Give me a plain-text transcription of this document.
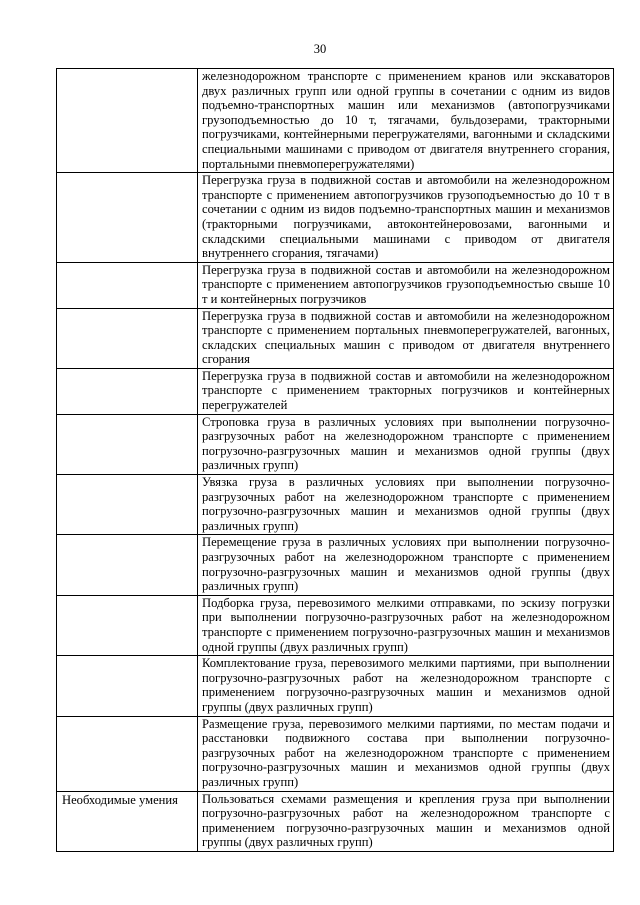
30
	железнодорожном транспорте с применением кранов или экскаваторов двух различных групп или одной группы в сочетании с одним из видов подъемно-транспортных машин или механизмов (автопогрузчиками грузоподъемностью до 10 т, тягачами, бульдозерами, тракторными погрузчиками, контейнерными перегружателями, вагонными и складскими специальными машинами с приводом от двигателя внутреннего сгорания, портальными пневмоперегружателями)
	Перегрузка груза в подвижной состав и автомобили на железнодорожном транспорте с применением автопогрузчиков грузоподъемностью до 10 т в сочетании с одним из видов подъемно-транспортных машин и механизмов (тракторными погрузчиками, автоконтейнеровозами, вагонными и складскими специальными машинами с приводом от двигателя внутреннего сгорания, тягачами)
	Перегрузка груза в подвижной состав и автомобили на железнодорожном транспорте с применением автопогрузчиков грузоподъемностью свыше 10 т и контейнерных погрузчиков
	Перегрузка груза в подвижной состав и автомобили на железнодорожном транспорте с применением портальных пневмоперегружателей, вагонных, складских специальных машин с приводом от двигателя внутреннего сгорания
	Перегрузка груза в подвижной состав и автомобили на железнодорожном транспорте с применением тракторных погрузчиков и контейнерных перегружателей
	Строповка груза в различных условиях при выполнении погрузочно-разгрузочных работ на железнодорожном транспорте с применением погрузочно-разгрузочных машин и механизмов одной группы (двух различных групп)
	Увязка груза в различных условиях при выполнении погрузочно-разгрузочных работ на железнодорожном транспорте с применением погрузочно-разгрузочных машин и механизмов одной группы (двух различных групп)
	Перемещение груза в различных условиях при выполнении погрузочно-разгрузочных работ на железнодорожном транспорте с применением погрузочно-разгрузочных машин и механизмов одной группы (двух различных групп)
	Подборка груза, перевозимого мелкими отправками, по эскизу погрузки при выполнении погрузочно-разгрузочных работ на железнодорожном транспорте с применением погрузочно-разгрузочных машин и механизмов одной группы (двух различных групп)
	Комплектование груза, перевозимого мелкими партиями, при выполнении погрузочно-разгрузочных работ на железнодорожном транспорте с применением погрузочно-разгрузочных машин и механизмов одной группы (двух различных групп)
	Размещение груза, перевозимого мелкими партиями, по местам подачи и расстановки подвижного состава при выполнении погрузочно-разгрузочных работ на железнодорожном транспорте с применением погрузочно-разгрузочных машин и механизмов одной группы (двух различных групп)
Необходимые умения	Пользоваться схемами размещения и крепления груза при выполнении погрузочно-разгрузочных работ на железнодорожном транспорте с применением погрузочно-разгрузочных машин и механизмов одной группы (двух различных групп)
